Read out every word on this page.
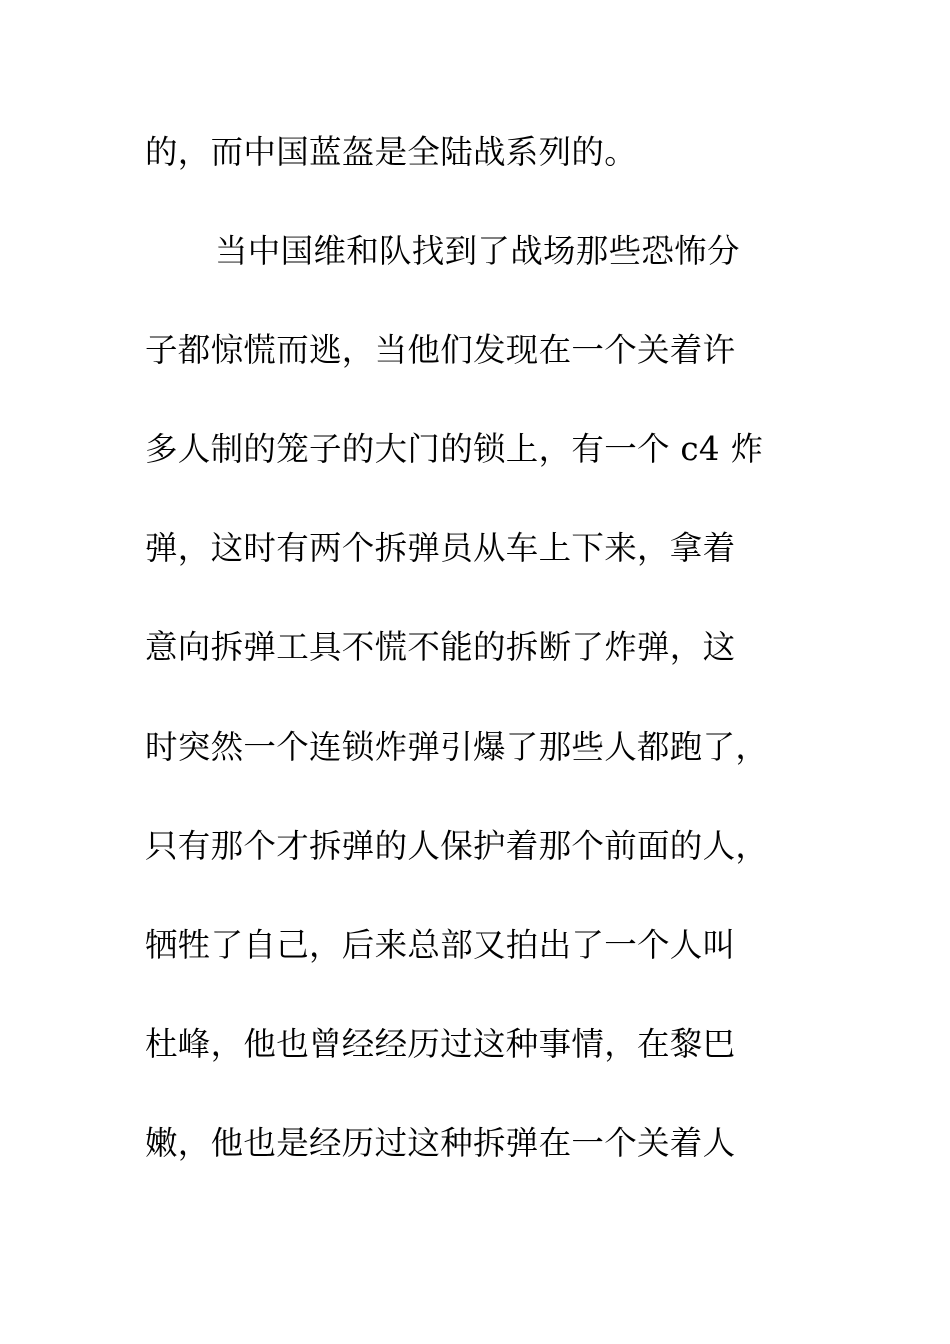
的，而中国蓝盔是全陆战系列的。
当中国维和队找到了战场那些恐怖分
子都惊慌而逃，当他们发现在一个关着许
多人制的笼子的大门的锁上，有一个 c4 炸
弹，这时有两个拆弹员从车上下来，拿着
意向拆弹工具不慌不能的拆断了炸弹，这
时突然一个连锁炸弹引爆了那些人都跑了，
只有那个才拆弹的人保护着那个前面的人，
牺牲了自己，后来总部又拍出了一个人叫
杜峰，他也曾经经历过这种事情，在黎巴
嫩，他也是经历过这种拆弹在一个关着人
